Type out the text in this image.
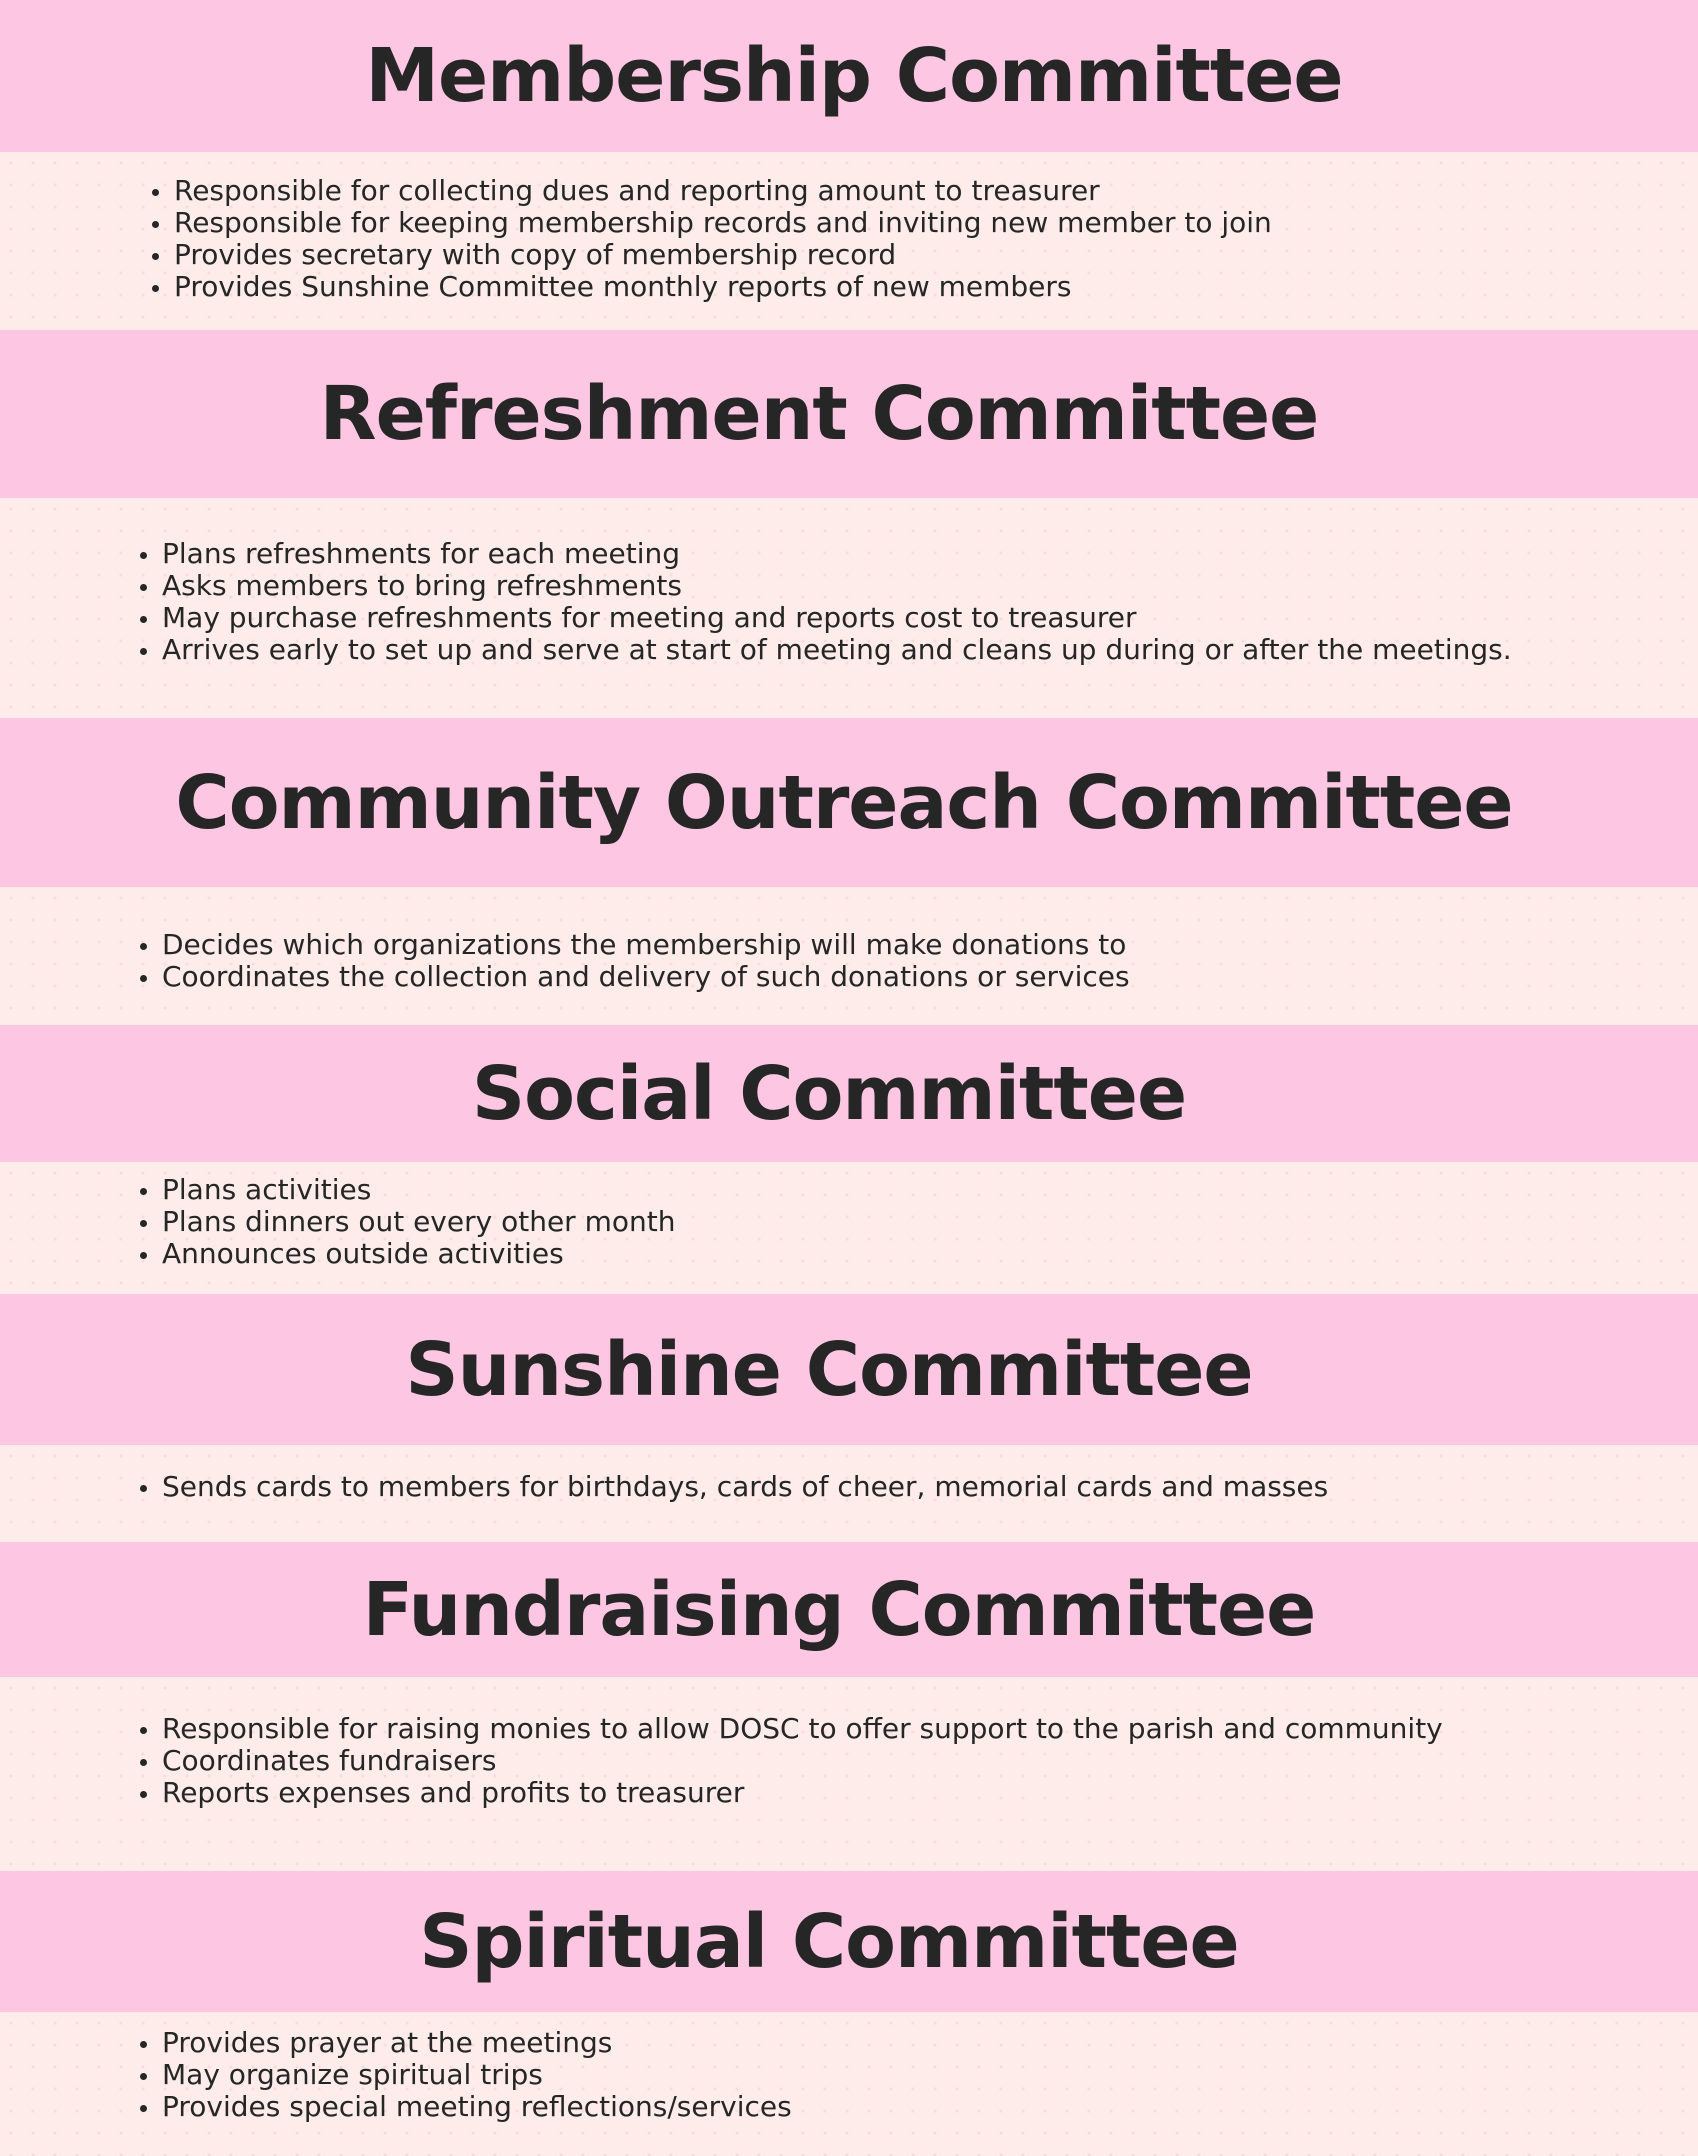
Membership Committee
Responsible for collecting dues and reporting amount to treasurer
Responsible for keeping membership records and inviting new member to join
Provides secretary with copy of membership record
Provides Sunshine Committee monthly reports of new members
Refreshment Committee
Plans refreshments for each meeting
Asks members to bring refreshments
May purchase refreshments for meeting and reports cost to treasurer
Arrives early to set up and serve at start of meeting and cleans up during or after the meetings.
Community Outreach Committee
Decides which organizations the membership will make donations to
Coordinates the collection and delivery of such donations or services
Social Committee
Plans activities
Plans dinners out every other month
Announces outside activities
Sunshine Committee
Sends cards to members for birthdays, cards of cheer, memorial cards and masses
Fundraising Committee
Responsible for raising monies to allow DOSC to offer support to the parish and community
Coordinates fundraisers
Reports expenses and profits to treasurer
Spiritual Committee
Provides prayer at the meetings
May organize spiritual trips
Provides special meeting reflections/services
